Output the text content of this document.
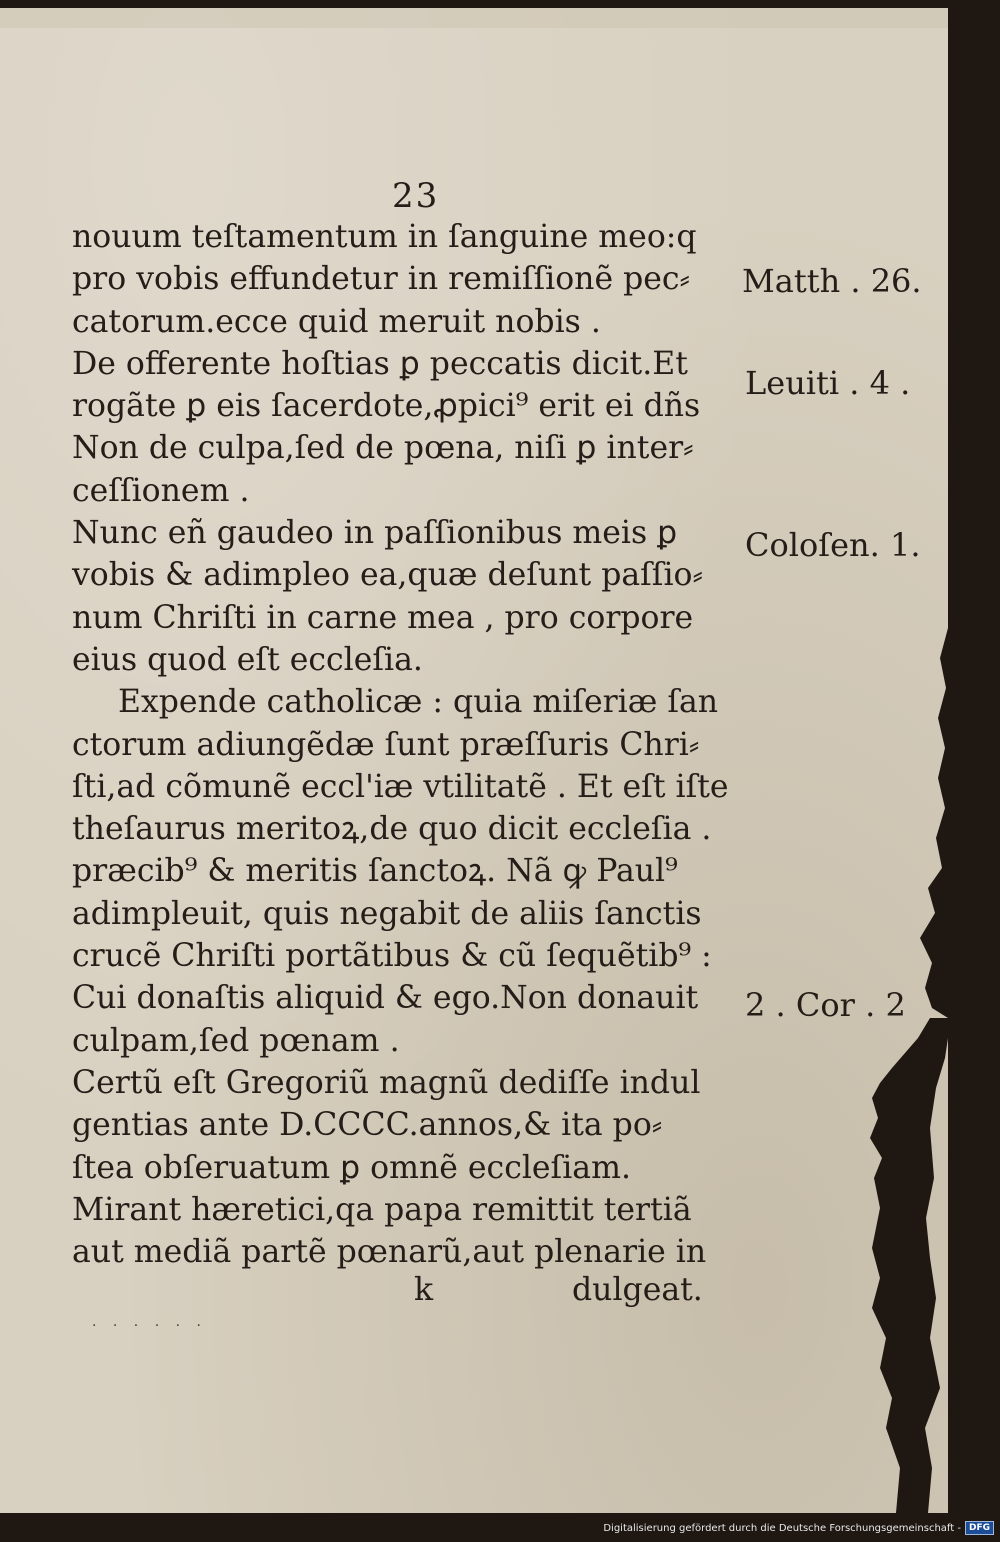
23
nouum teſtamentum in ſanguine meo:q
pro vobis effundetur in remiſſionẽ pec⸗
catorum.ecce quid meruit nobis .
De offerente hoſtias ꝑ peccatis dicit.Et
rogãte ꝑ eis ſacerdote,ꝓpici⁹ erit ei dñs
Non de culpa,ſed de pœna, niſi ꝑ inter⸗
ceſſionem .
Nunc eñ gaudeo in paſſionibus meis ꝑ
vobis & adimpleo ea,quæ deſunt paſſio⸗
num Chriſti in carne mea , pro corpore
eius quod eſt eccleſia.
Expende catholicæ : quia miſeriæ ſan
ctorum adiungẽdæ ſunt præſſuris Chri⸗
ſti,ad cõmunẽ eccl'iæ vtilitatẽ . Et eſt iſte
theſaurus meritoꝝ,de quo dicit eccleſia .
præcib⁹ & meritis ſanctoꝝ. Nã ꝙ Paul⁹
adimpleuit, quis negabit de aliis ſanctis
crucẽ Chriſti portãtibus & cũ ſequẽtib⁹ :
Cui donaſtis aliquid & ego.Non donauit
culpam,ſed pœnam .
Certũ eſt Gregoriũ magnũ dediſſe indul
gentias ante D.CCCC.annos,& ita po⸗
ſtea obſeruatum ꝑ omnẽ eccleſiam.
Mirant hæretici,qa papa remittit tertiã
aut mediã partẽ pœnarũ,aut plenarie in
Matth . 26.
Leuiti . 4 .
Coloſen. 1.
2 . Cor . 2
k	dulgeat.
· · · · · ·
Digitalisierung gefördert durch die Deutsche Forschungsgemeinschaft - DFG
